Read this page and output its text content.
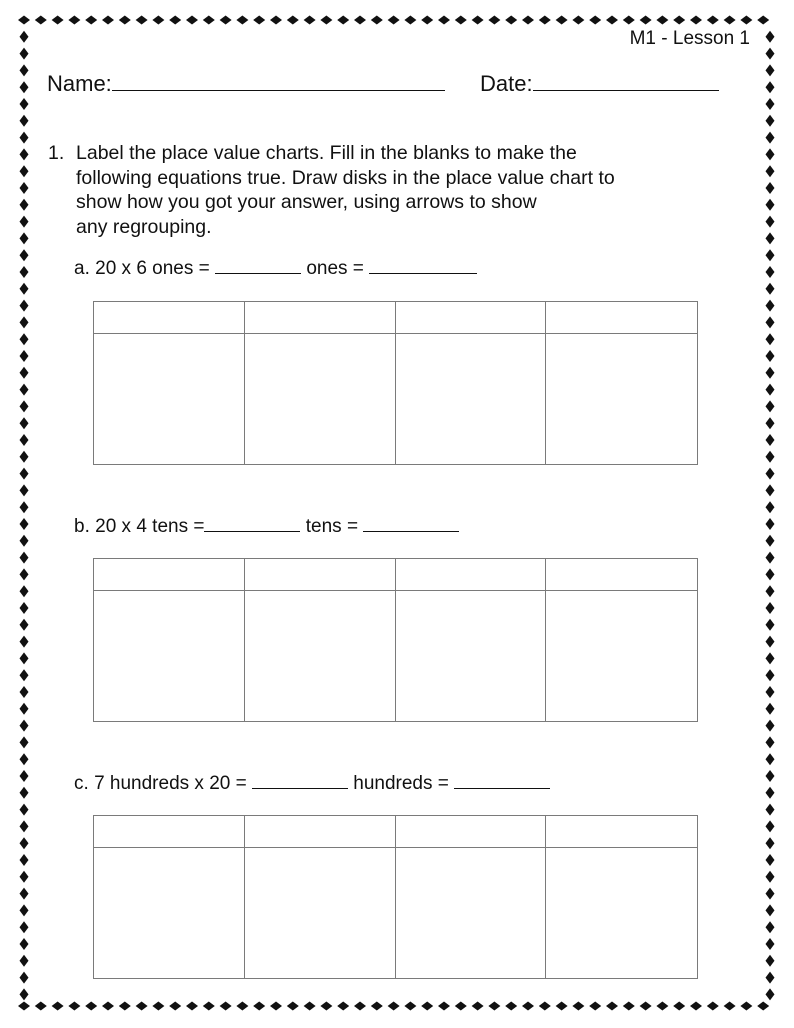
M1 - Lesson 1
Name:	Date:
1. Label the place value charts. Fill in the blanks to make the
following equations true. Draw disks in the place value chart to
show how you got your answer, using arrows to show
any regrouping.
a. 20 x 6 ones =	ones =
b. 20 x 4 tens =	tens =
c. 7 hundreds x 20 =	hundreds =
